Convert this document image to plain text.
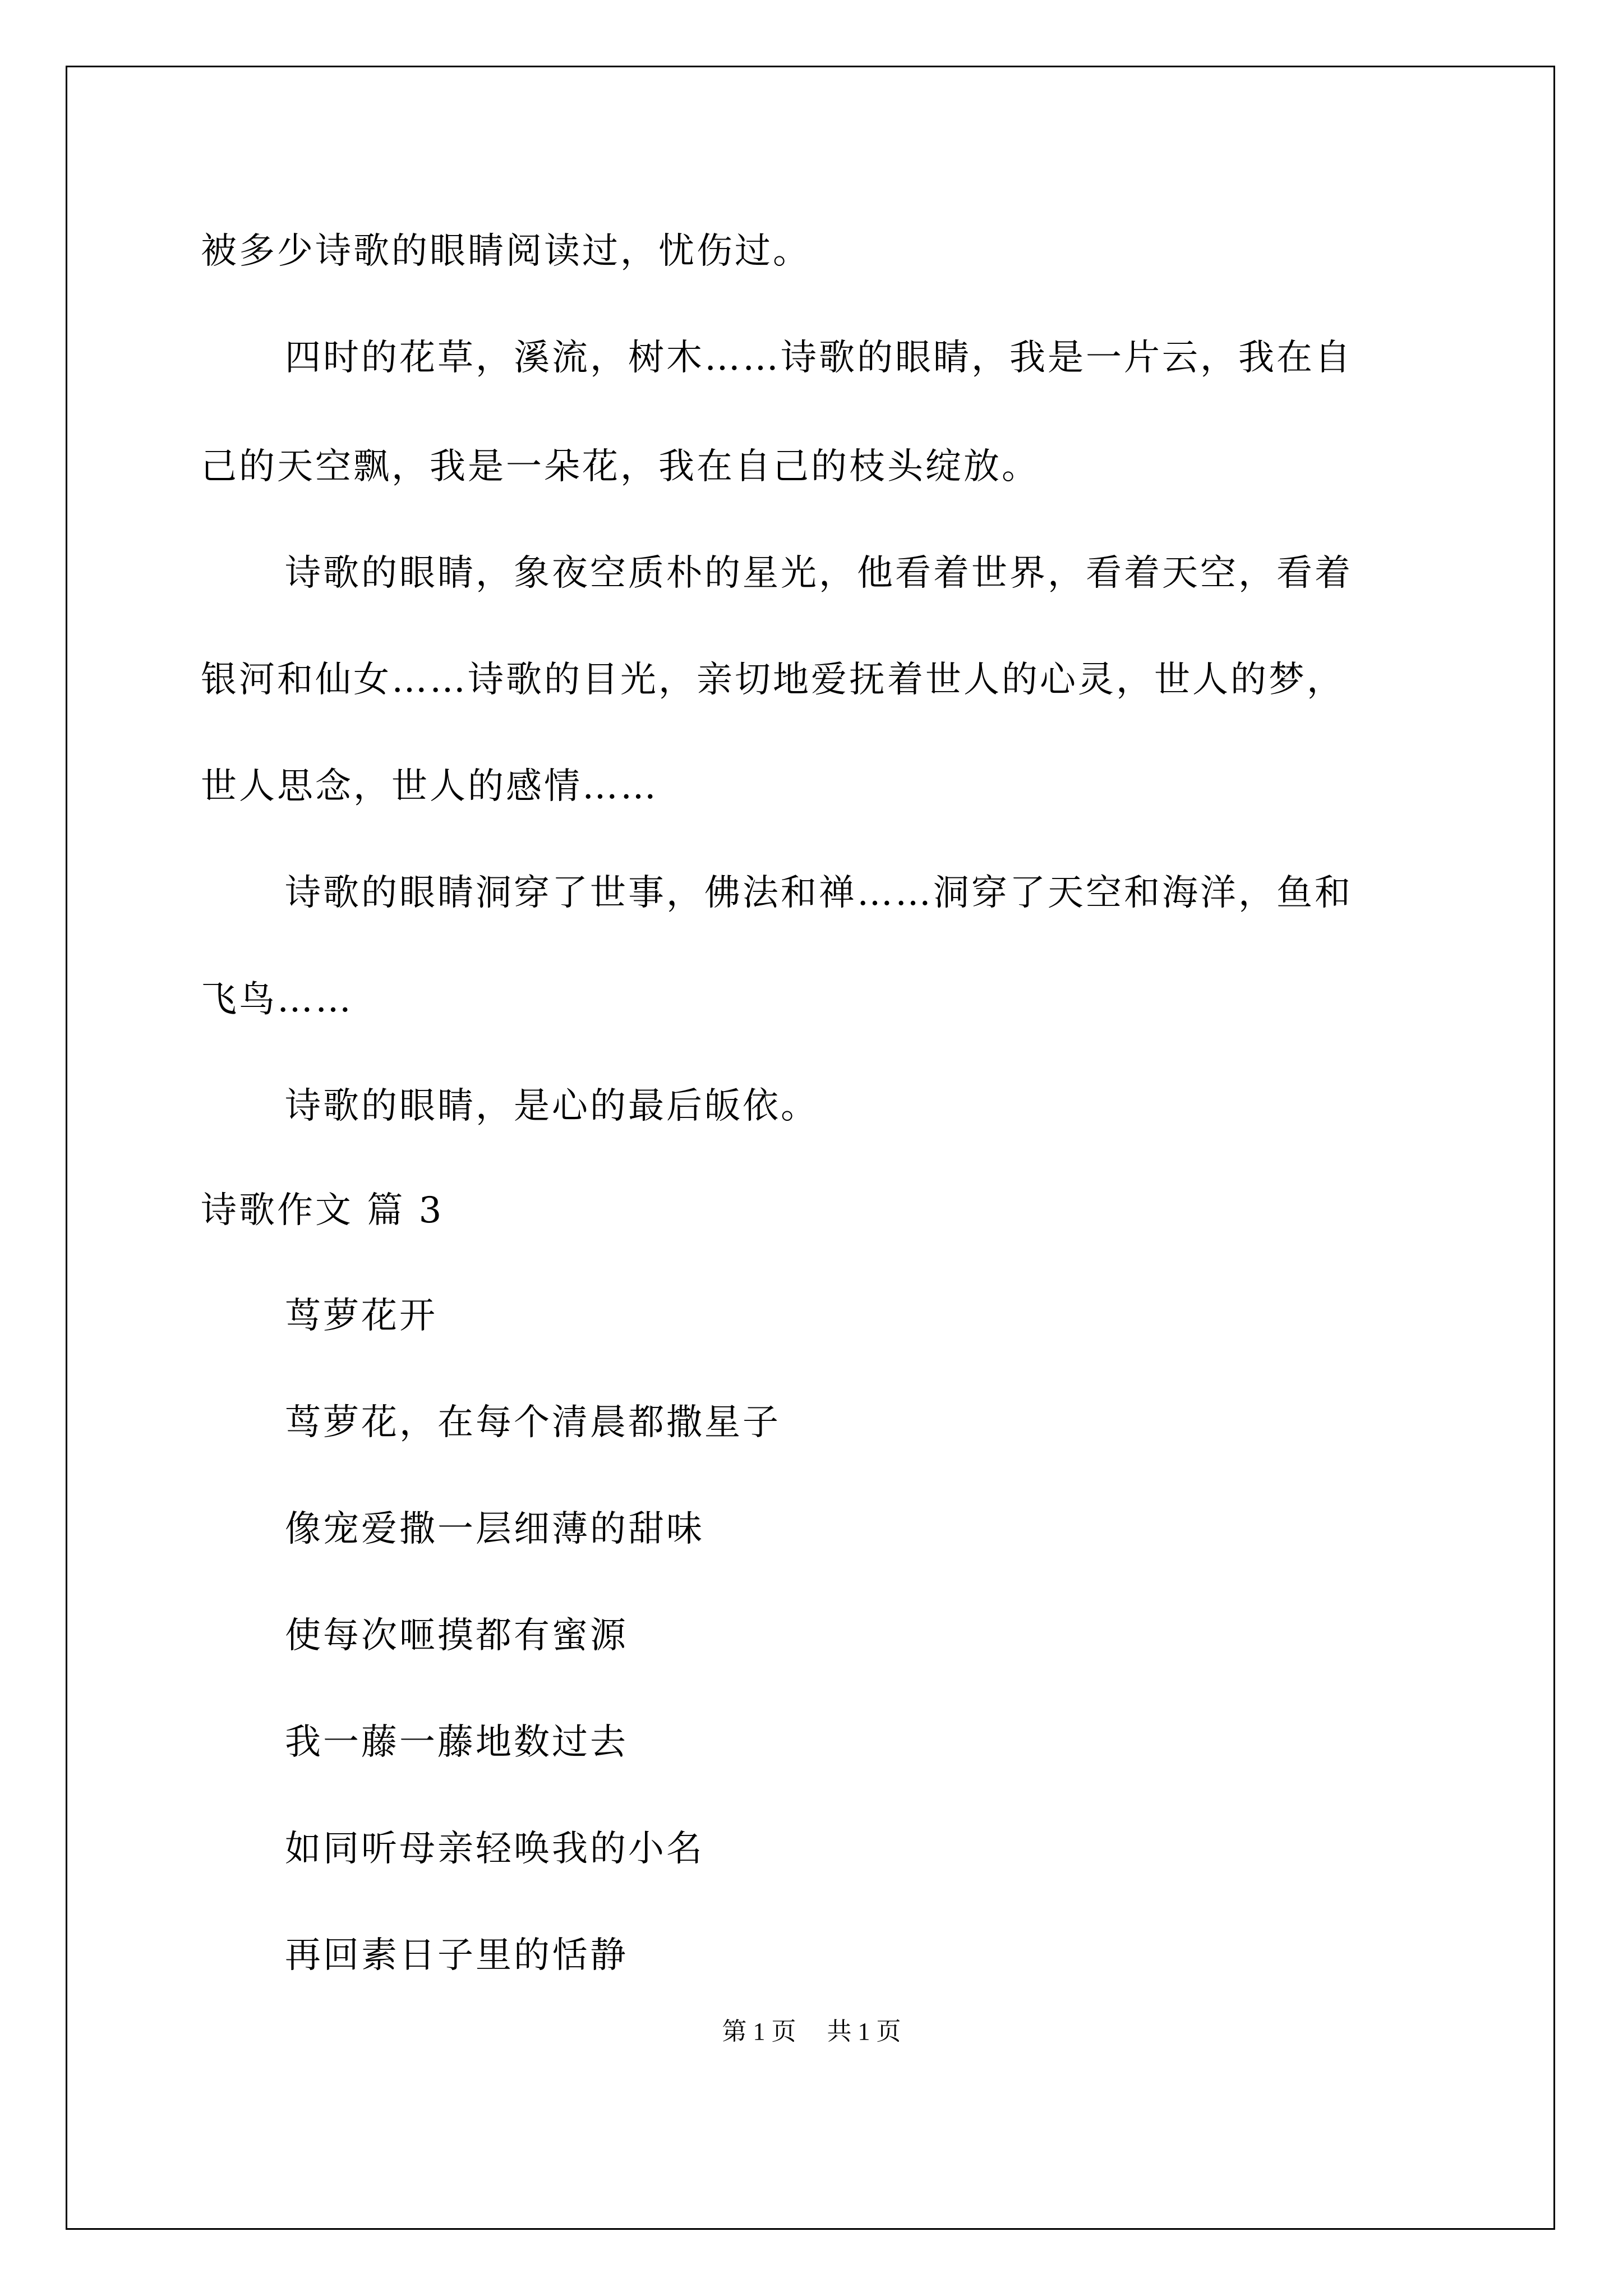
被多少诗歌的眼睛阅读过，忧伤过。
四时的花草，溪流，树木……诗歌的眼睛，我是一片云，我在自
己的天空飘，我是一朵花，我在自己的枝头绽放。
诗歌的眼睛，象夜空质朴的星光，他看着世界，看着天空，看着
银河和仙女……诗歌的目光，亲切地爱抚着世人的心灵，世人的梦，
世人思念，世人的感情……
诗歌的眼睛洞穿了世事，佛法和禅……洞穿了天空和海洋，鱼和
飞鸟……
诗歌的眼睛，是心的最后皈依。
诗歌作文 篇 3
茑萝花开
茑萝花，在每个清晨都撒星子
像宠爱撒一层细薄的甜味
使每次咂摸都有蜜源
我一藤一藤地数过去
如同听母亲轻唤我的小名
再回素日子里的恬静
第 1 页 共 1 页
